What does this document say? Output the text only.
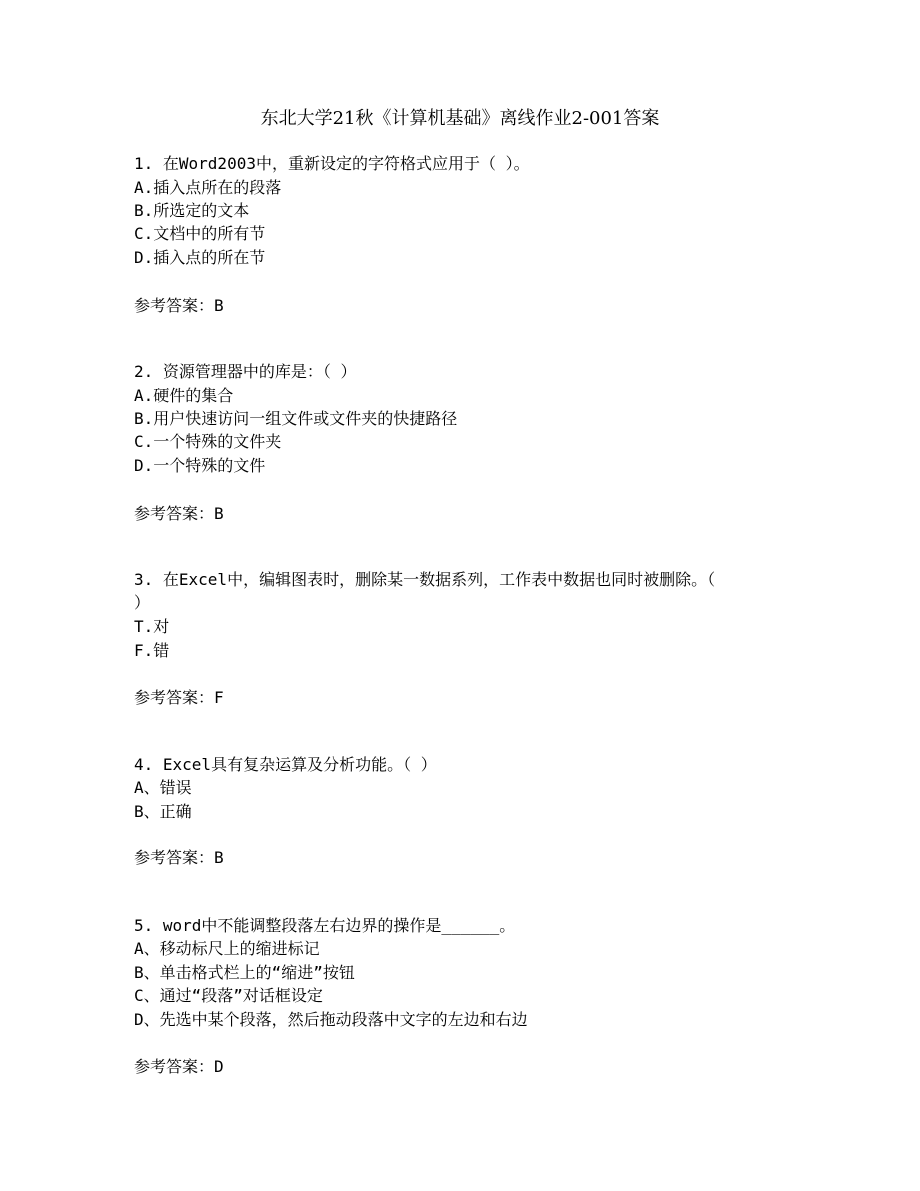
东北大学21秋《计算机基础》离线作业2-001答案
1. 在Word2003中，重新设定的字符格式应用于（ ）。
A.插入点所在的段落
B.所选定的文本
C.文档中的所有节
D.插入点的所在节
参考答案：B
2. 资源管理器中的库是：（ ）
A.硬件的集合
B.用户快速访问一组文件或文件夹的快捷路径
C.一个特殊的文件夹
D.一个特殊的文件
参考答案：B
3. 在Excel中，编辑图表时，删除某一数据系列，工作表中数据也同时被删除。（
）
T.对
F.错
参考答案：F
4. Excel具有复杂运算及分析功能。（ ）
A、错误
B、正确
参考答案：B
5. word中不能调整段落左右边界的操作是______。
A、移动标尺上的缩进标记
B、单击格式栏上的“缩进”按钮
C、通过“段落”对话框设定
D、先选中某个段落，然后拖动段落中文字的左边和右边
参考答案：D
